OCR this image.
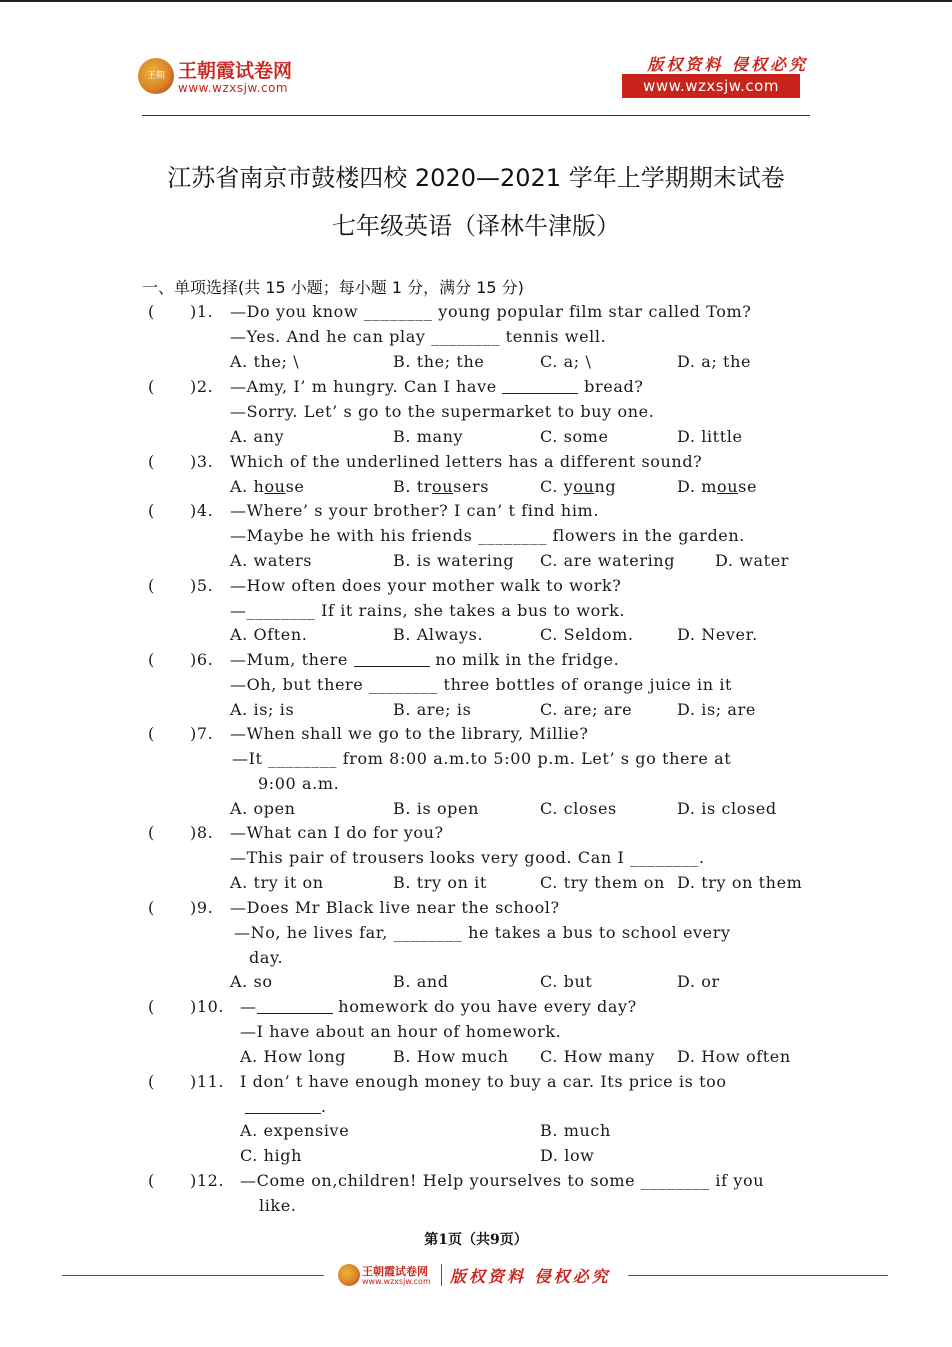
王朝 王朝霞试卷网
www.wzxsjw.com
版权资料 侵权必究
www.wzxsjw.com
江苏省南京市鼓楼四校 2020—2021 学年上学期期末试卷
七年级英语（译林牛津版）
一、单项选择(共 15 小题；每小题 1 分，满分 15 分)
( )1. —Do you know ________ young popular film star called Tom?
—Yes. And he can play ________ tennis well.
A. the; \	B. the; the	C. a; \	D. a; the
( )2. —Amy, I’ m hungry. Can I have	bread?
—Sorry. Let’ s go to the supermarket to buy one.
A. any	B. many	C. some	D. little
( )3. Which of the underlined letters has a different sound?
A. house	B. trousers	C. young	D. mouse
( )4. —Where’ s your brother? I can’ t find him.
—Maybe he with his friends ________ flowers in the garden.
A. waters	B. is watering C. are watering D. water
( )5. —How often does your mother walk to work?
—________ If it rains, she takes a bus to work.
A. Often.	B. Always.	C. Seldom.	D. Never.
( )6. —Mum, there	no milk in the fridge.
—Oh, but there ________ three bottles of orange juice in it
A. is; is	B. are; is	C. are; are	D. is; are
( )7. —When shall we go to the library, Millie?
—It ________ from 8:00 a.m.to 5:00 p.m. Let’ s go there at
9:00 a.m.
A. open	B. is open	C. closes	D. is closed
( )8. —What can I do for you?
—This pair of trousers looks very good. Can I ________.
A. try it on	B. try on it	C. try them on D. try on them
( )9. —Does Mr Black live near the school?
—No, he lives far, ________ he takes a bus to school every
day.
A. so	B. and	C. but	D. or
( )10. —	homework do you have every day?
—I have about an hour of homework.
A. How long	B. How much C. How many D. How often
( )11. I don’ t have enough money to buy a car. Its price is too
.
A. expensive	B. much
C. high	D. low
( )12. —Come on,children! Help yourselves to some ________ if you
like.
第1页（共9页）
王朝霞试卷网
www.wzxsjw.com 版权资料 侵权必究
